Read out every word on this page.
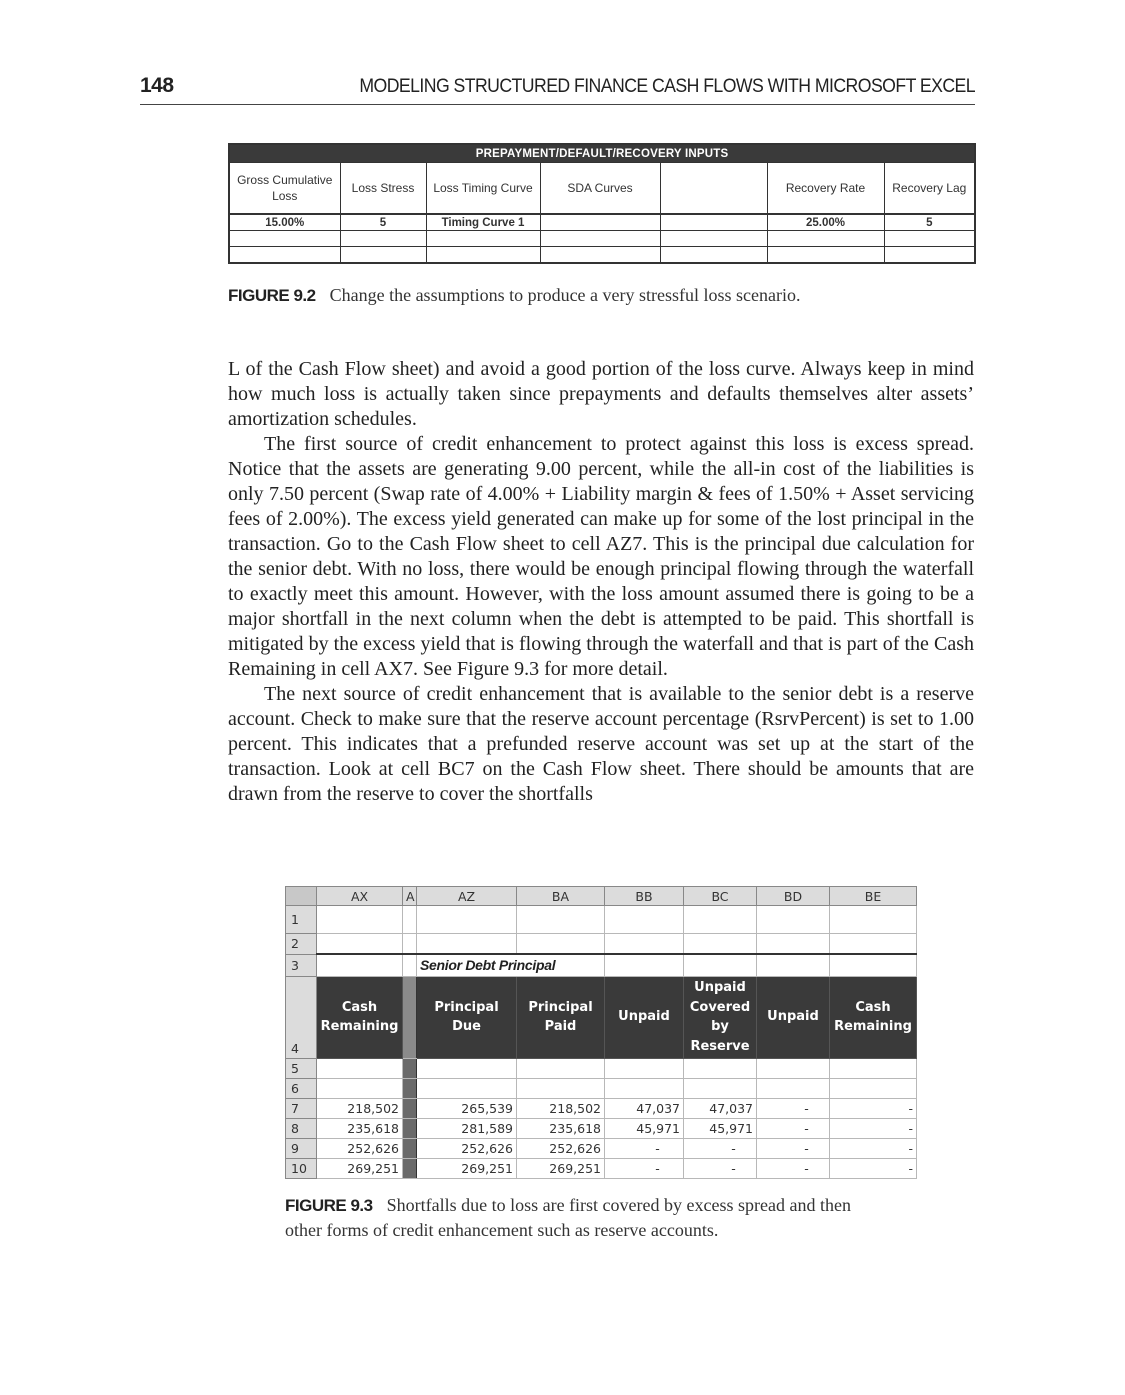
148	MODELING STRUCTURED FINANCE CASH FLOWS WITH MICROSOFT EXCEL
PREPAYMENT/DEFAULT/RECOVERY INPUTS						
Gross Cumulative Loss	Loss Stress	Loss Timing Curve	SDA Curves		Recovery Rate	Recovery Lag
15.00%	5	Timing Curve 1			25.00%	5

FIGURE 9.2 Change the assumptions to produce a very stressful loss scenario.

L of the Cash Flow sheet) and avoid a good portion of the loss curve. Always keep in mind how much loss is actually taken since prepayments and defaults themselves alter assets’ amortization schedules.

The first source of credit enhancement to protect against this loss is excess spread. Notice that the assets are generating 9.00 percent, while the all-in cost of the liabilities is only 7.50 percent (Swap rate of 4.00% + Liability margin & fees of 1.50% + Asset servicing fees of 2.00%). The excess yield generated can make up for some of the lost principal in the transaction. Go to the Cash Flow sheet to cell AZ7. This is the principal due calculation for the senior debt. With no loss, there would be enough principal flowing through the waterfall to exactly meet this amount. However, with the loss amount assumed there is going to be a major shortfall in the next column when the debt is attempted to be paid. This shortfall is mitigated by the excess yield that is flowing through the waterfall and that is part of the Cash Remaining in cell AX7. See Figure 9.3 for more detail.

The next source of credit enhancement that is available to the senior debt is a reserve account. Check to make sure that the reserve account percentage (RsrvPercent) is set to 1.00 percent. This indicates that a prefunded reserve account was set up at the start of the transaction. Look at cell BC7 on the Cash Flow sheet. There should be amounts that are drawn from the reserve to cover the shortfalls

	AX	A	AZ	BA	BB	BC	BD	BE
1								
2								
3			Senior Debt Principal					
4	Cash Remaining		Principal Due	Principal Paid	Unpaid	Unpaid Covered by Reserve	Unpaid	Cash Remaining
5								
6								
7	218,502		265,539	218,502	47,037	47,037	-	-
8	235,618		281,589	235,618	45,971	45,971	-	-
9	252,626		252,626	252,626	-	-	-	-
10	269,251		269,251	269,251	-	-	-	-
FIGURE 9.3 Shortfalls due to loss are first covered by excess spread and then
other forms of credit enhancement such as reserve accounts.
